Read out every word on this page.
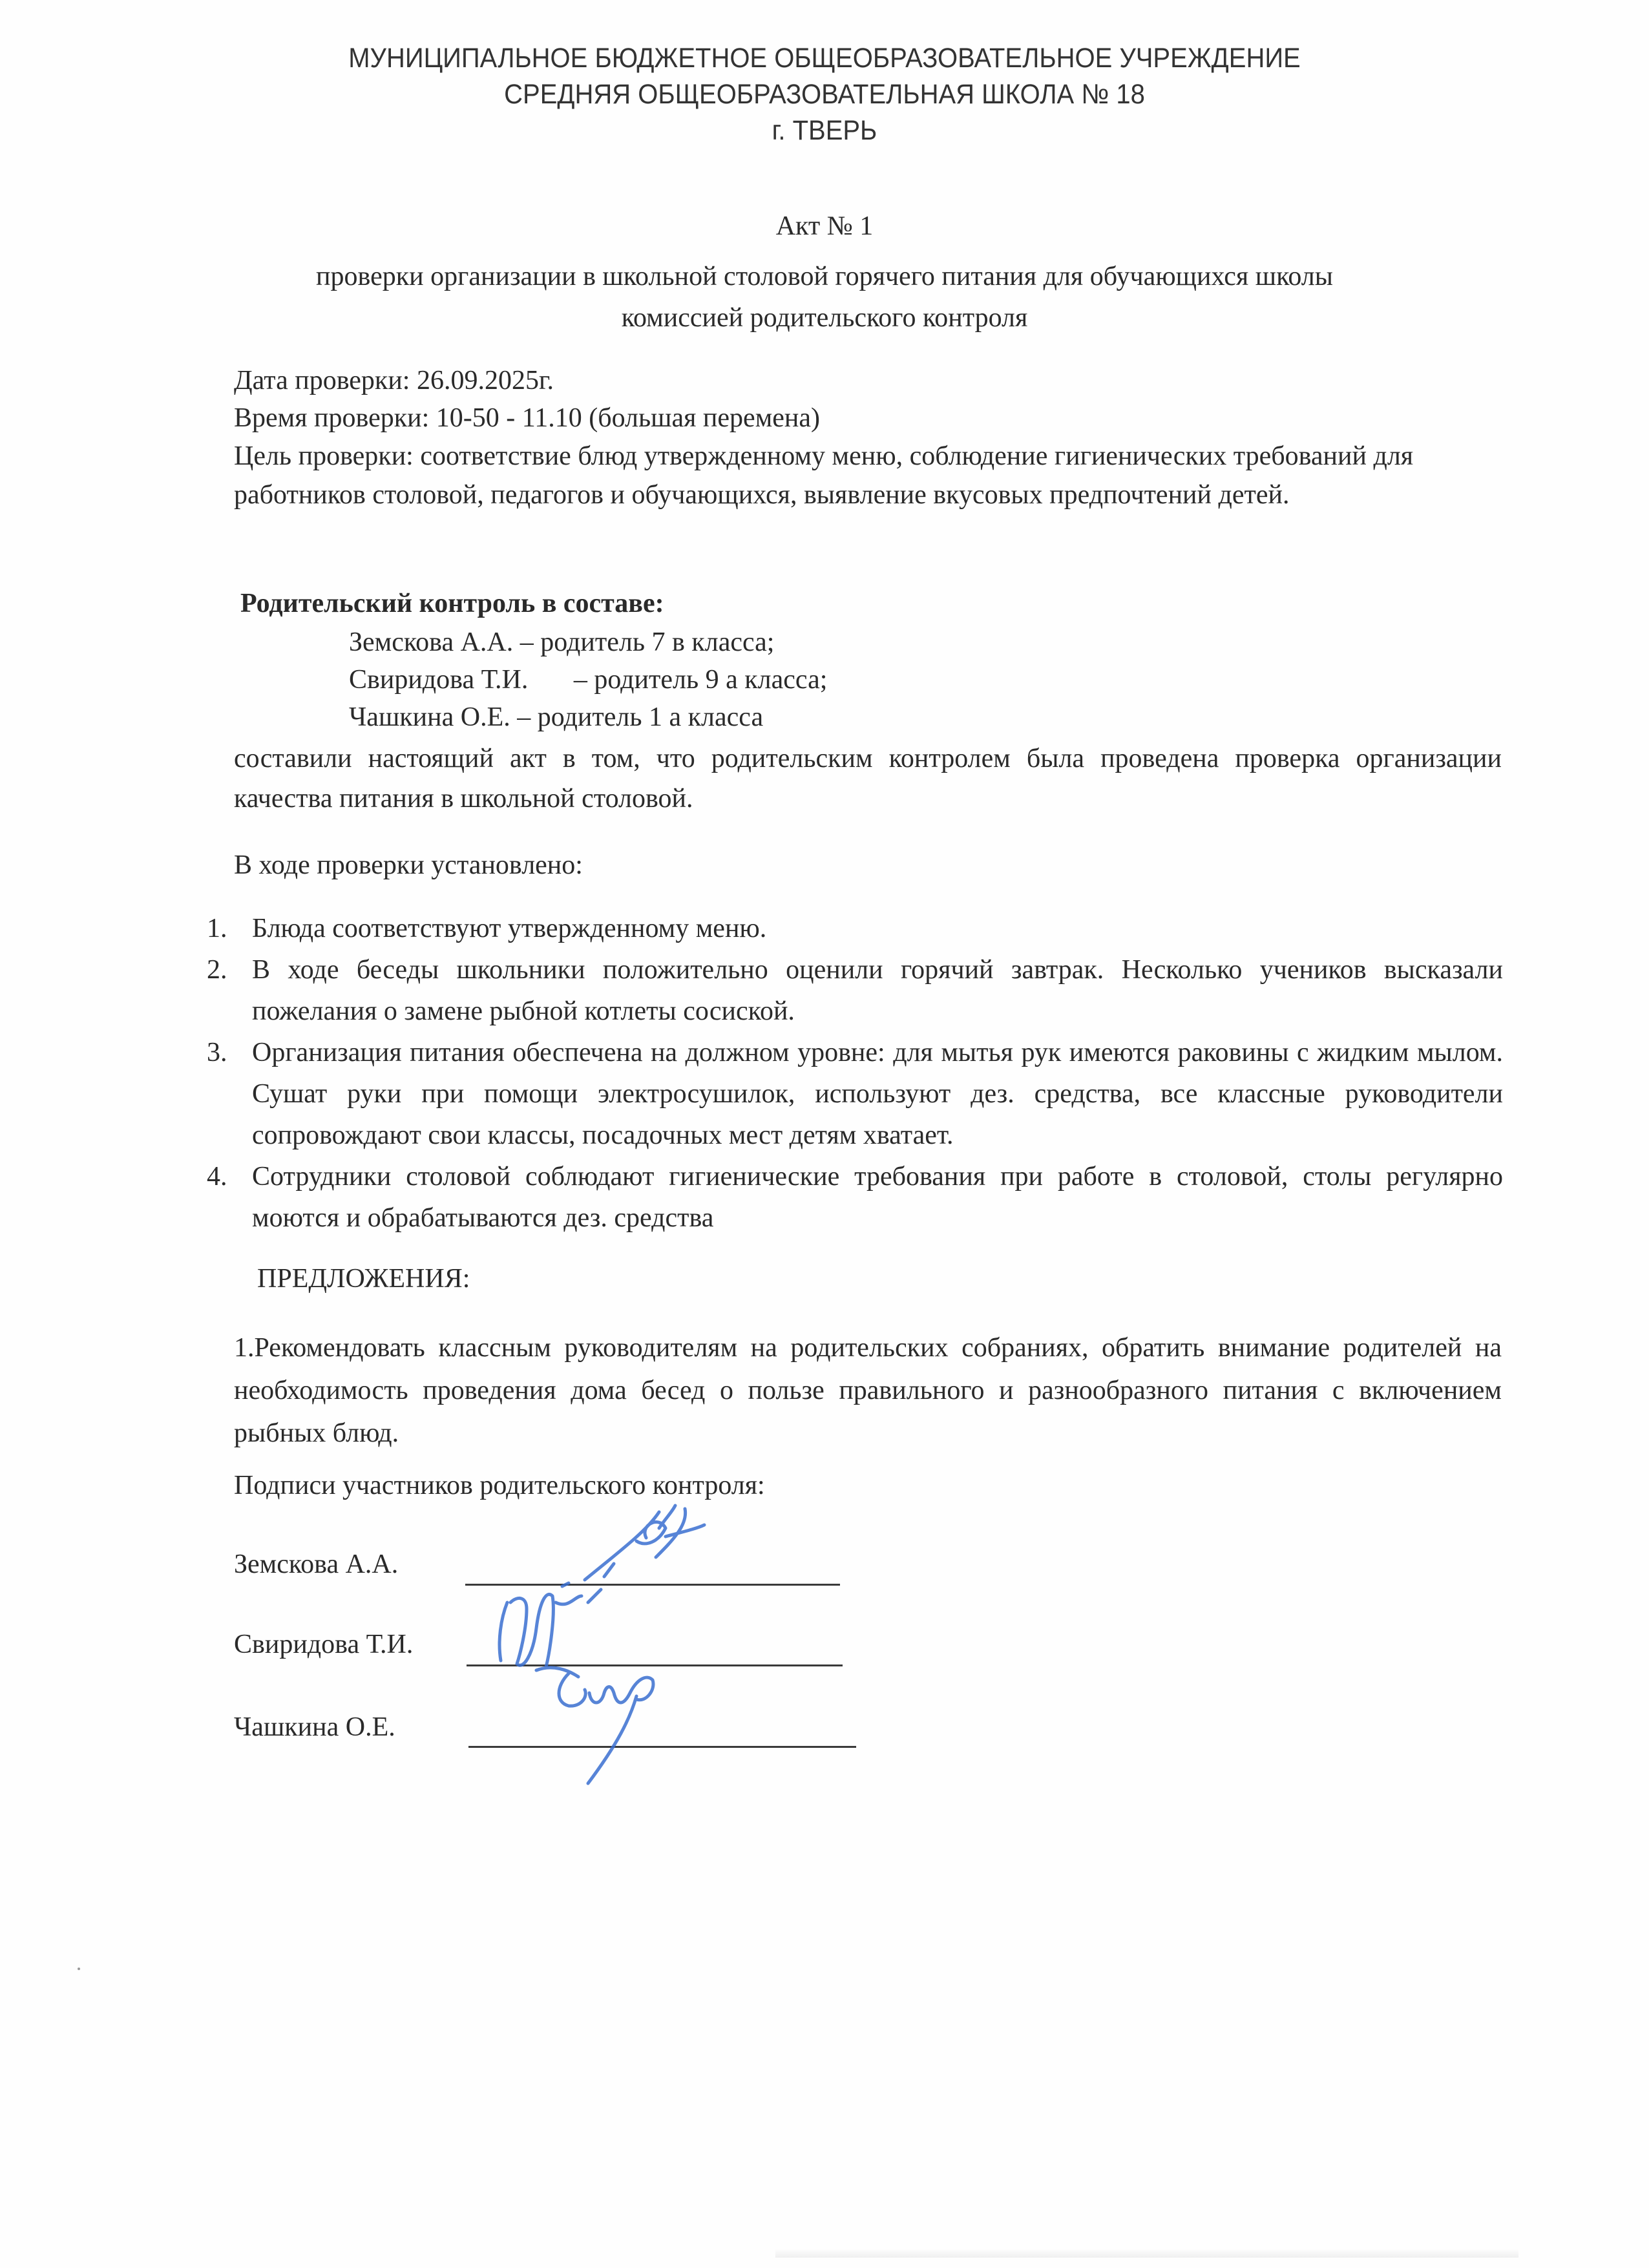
МУНИЦИПАЛЬНОЕ БЮДЖЕТНОЕ ОБЩЕОБРАЗОВАТЕЛЬНОЕ УЧРЕЖДЕНИЕ
СРЕДНЯЯ ОБЩЕОБРАЗОВАТЕЛЬНАЯ ШКОЛА № 18
г. ТВЕРЬ
Акт № 1
проверки организации в школьной столовой горячего питания для обучающихся школы
комиссией родительского контроля

Дата проверки: 26.09.2025г.

Время проверки: 10-50 - 11.10 (большая перемена)

Цель проверки: соответствие блюд утвержденному меню, соблюдение гигиенических требований для работников столовой, педагогов и обучающихся, выявление вкусовых предпочтений детей.

Родительский контроль в составе:
Земскова А.А. – родитель 7 в класса;
Свиридова Т.И. – родитель 9 а класса;
Чашкина О.Е. – родитель 1 а класса
составили настоящий акт в том, что родительским контролем была проведена проверка организации качества питания в школьной столовой.
В ходе проверки установлено:
1. Блюда соответствуют утвержденному меню.
2. В ходе беседы школьники положительно оценили горячий завтрак. Несколько учеников высказали пожелания о замене рыбной котлеты сосиской.
3. Организация питания обеспечена на должном уровне: для мытья рук имеются раковины с жидким мылом. Сушат руки при помощи электросушилок, используют дез. средства, все классные руководители сопровождают свои классы, посадочных мест детям хватает.
4. Сотрудники столовой соблюдают гигиенические требования при работе в столовой, столы регулярно моются и обрабатываются дез. средства
ПРЕДЛОЖЕНИЯ:
1.Рекомендовать классным руководителям на родительских собраниях, обратить внимание родителей на необходимость проведения дома бесед о пользе правильного и разнообразного питания с включением рыбных блюд.
Подписи участников родительского контроля:
Земскова А.А.
Свиридова Т.И.
Чашкина О.Е.
